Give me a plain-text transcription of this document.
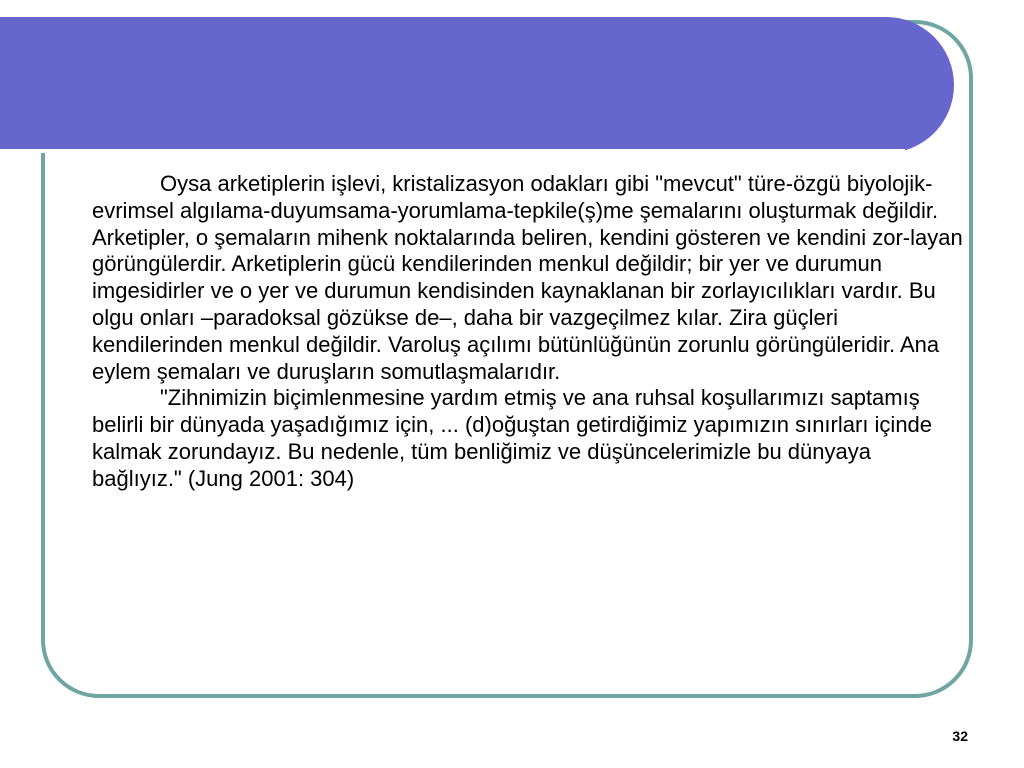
Oysa arketiplerin işlevi, kristalizasyon odakları gibi "mevcut" türe-özgü biyolojik-evrimsel algılama-duyumsama-yorumlama-tepkile(ş)me şemalarını oluşturmak değildir. Arketipler, o şemaların mihenk noktalarında beliren, kendini gösteren ve kendini zor-layan görüngülerdir. Arketiplerin gücü kendilerinden menkul değildir; bir yer ve durumun imgesidirler ve o yer ve durumun kendisinden kaynaklanan bir zorlayıcılıkları vardır. Bu olgu onları –paradoksal gözükse de–, daha bir vazgeçilmez kılar. Zira güçleri kendilerinden menkul değildir. Varoluş açılımı bütünlüğünün zorunlu görüngüleridir. Ana eylem şemaları ve duruşların somutlaşmalarıdır.

"Zihnimizin biçimlenmesine yardım etmiş ve ana ruhsal koşullarımızı saptamış belirli bir dünyada yaşadığımız için, ... (d)oğuştan getirdiğimiz yapımızın sınırları içinde kalmak zorundayız. Bu nedenle, tüm benliğimiz ve düşüncelerimizle bu dünyaya bağlıyız." (Jung 2001: 304)

32
